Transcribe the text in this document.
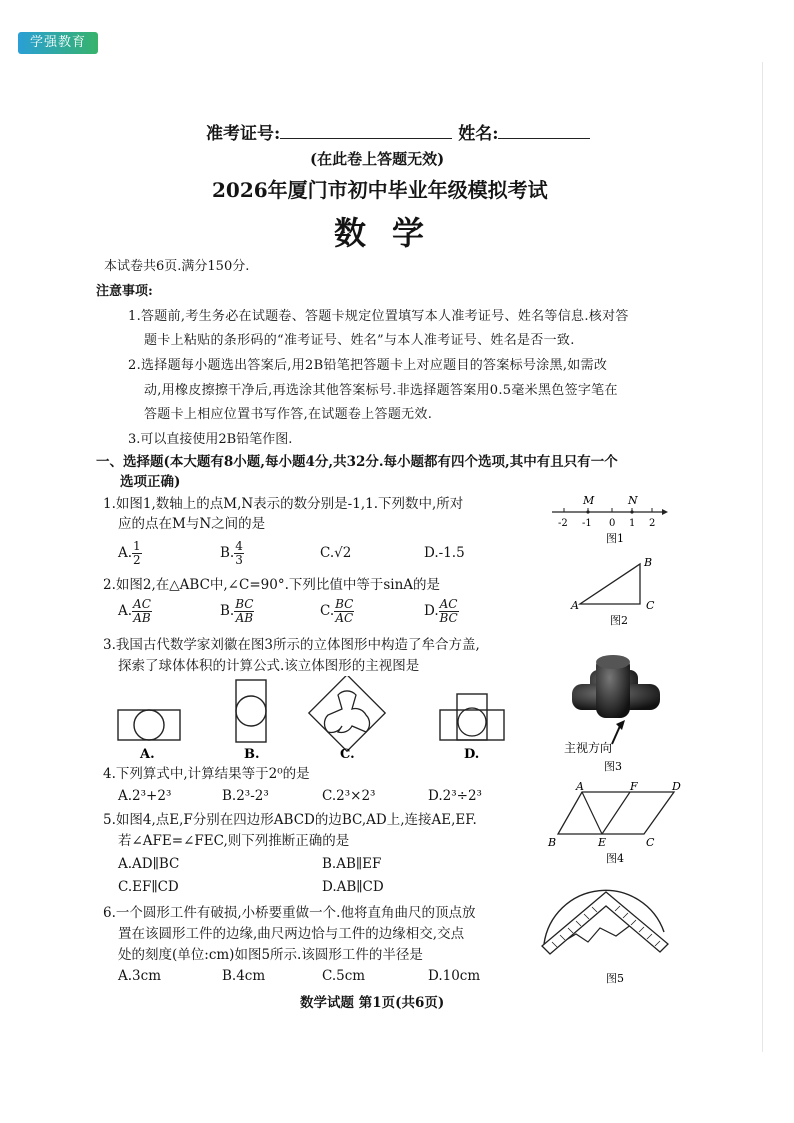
学强教育
准考证号:	姓名:
(在此卷上答题无效)
2026年厦门市初中毕业年级模拟考试
数学
本试卷共6页.满分150分.
注意事项:
1.答题前,考生务必在试题卷、答题卡规定位置填写本人准考证号、姓名等信息.核对答
题卡上粘贴的条形码的“准考证号、姓名”与本人准考证号、姓名是否一致.
2.选择题每小题选出答案后,用2B铅笔把答题卡上对应题目的答案标号涂黑,如需改
动,用橡皮擦擦干净后,再选涂其他答案标号.非选择题答案用0.5毫米黑色签字笔在
答题卡上相应位置书写作答,在试题卷上答题无效.
3.可以直接使用2B铅笔作图.
一、选择题(本大题有8小题,每小题4分,共32分.每小题都有四个选项,其中有且只有一个
选项正确)
1.如图1,数轴上的点M,N表示的数分别是-1,1.下列数中,所对
应的点在M与N之间的是
A. $\frac{1}{2}$	B. $\frac{4}{3}$	C.√2	D.-1.5
M	N
-2 -1 0 1 2
图1
2.如图2,在△ABC中,∠C=90°.下列比值中等于sinA的是
A. $\frac{AC}{AB}$	B. $\frac{BC}{AB}$	C. $\frac{BC}{AC}$	D. $\frac{AC}{BC}$	A
B
C
图2
3.我国古代数学家刘徽在图3所示的立体图形中构造了牟合方盖,
探索了球体体积的计算公式.该立体图形的主视图是
A.	B.	C.	D.	主视方向
图3
4.下列算式中,计算结果等于2⁰的是
A.2³+2³	B.2³-2³	C.2³×2³	D.2³÷2³
5.如图4,点E,F分别在四边形ABCD的边BC,AD上,连接AE,EF.
若∠AFE=∠FEC,则下列推断正确的是
A.AD∥BC	B.AB∥EF
C.EF∥CD	D.AB∥CD
A	F	D
B	E	C
图4
6.一个圆形工件有破损,小桥要重做一个.他将直角曲尺的顶点放
置在该圆形工件的边缘,曲尺两边恰与工件的边缘相交,交点
处的刻度(单位:cm)如图5所示.该圆形工件的半径是
A.3cm	B.4cm	C.5cm	D.10cm	图5
数学试题 第1页(共6页)
